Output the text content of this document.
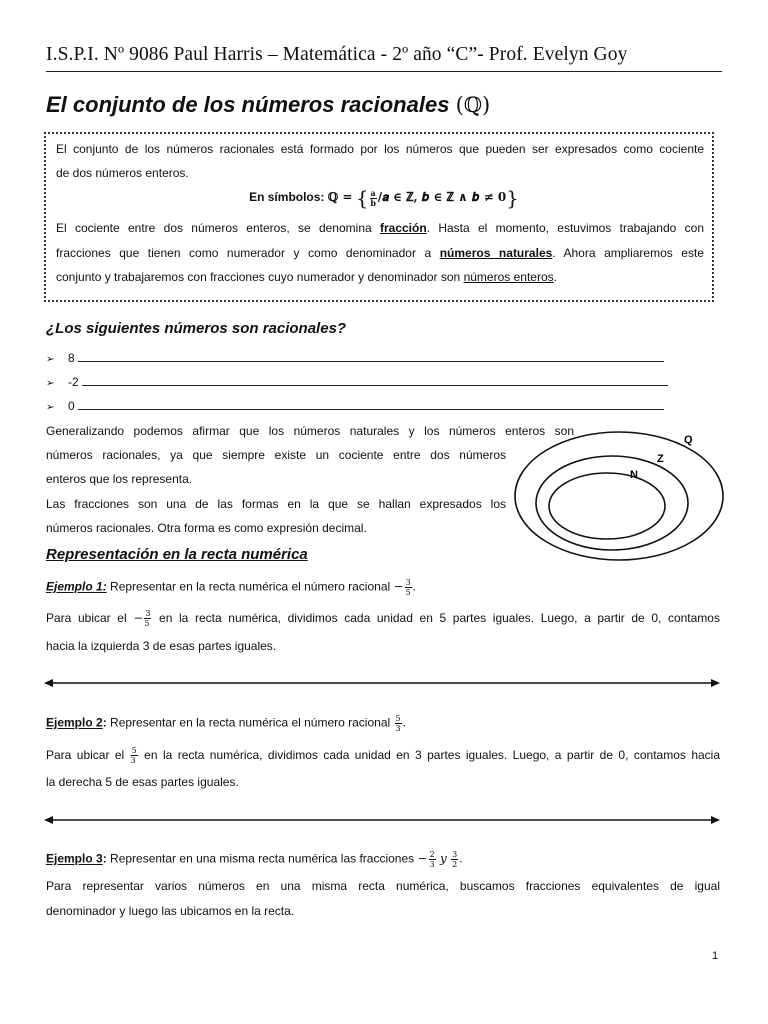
I.S.P.I. Nº 9086 Paul Harris – Matemática - 2º año “C”- Prof. Evelyn Goy
El conjunto de los números racionales (ℚ)
El conjunto de los números racionales está formado por los números que pueden ser expresados como cociente
de dos números enteros.
En símbolos: ℚ = { $\frac{a}{b}$ /𝒂 ∈ ℤ, 𝒃 ∈ ℤ ∧ 𝒃 ≠ 𝟎}
El cociente entre dos números enteros, se denomina fracción. Hasta el momento, estuvimos trabajando con
fracciones que tienen como numerador y como denominador a números naturales. Ahora ampliaremos este
conjunto y trabajaremos con fracciones cuyo numerador y denominador son números enteros.
¿Los siguientes números son racionales?
➢ 8
➢ -2
➢ 0
Generalizando podemos afirmar que los números naturales y los números enteros son
números racionales, ya que siempre existe un cociente entre dos números
enteros que los representa.
Las fracciones son una de las formas en la que se hallan expresados los
números racionales. Otra forma es como expresión decimal.
Q
Z
N
Representación en la recta numérica
Ejemplo 1: Representar en la recta numérica el número racional − $\frac{3}{5}$ .
Para ubicar el − $\frac{3}{5}$ en la recta numérica, dividimos cada unidad en 5 partes iguales. Luego, a partir de 0, contamos
hacia la izquierda 3 de esas partes iguales.
Ejemplo 2: Representar en la recta numérica el número racional $\frac{5}{3}$ .
Para ubicar el $\frac{5}{3}$ en la recta numérica, dividimos cada unidad en 3 partes iguales. Luego, a partir de 0, contamos hacia
la derecha 5 de esas partes iguales.
Ejemplo 3: Representar en una misma recta numérica las fracciones − $\frac{2}{3}$ y $\frac{3}{2}$ .
Para representar varios números en una misma recta numérica, buscamos fracciones equivalentes de igual
denominador y luego las ubicamos en la recta.
1
